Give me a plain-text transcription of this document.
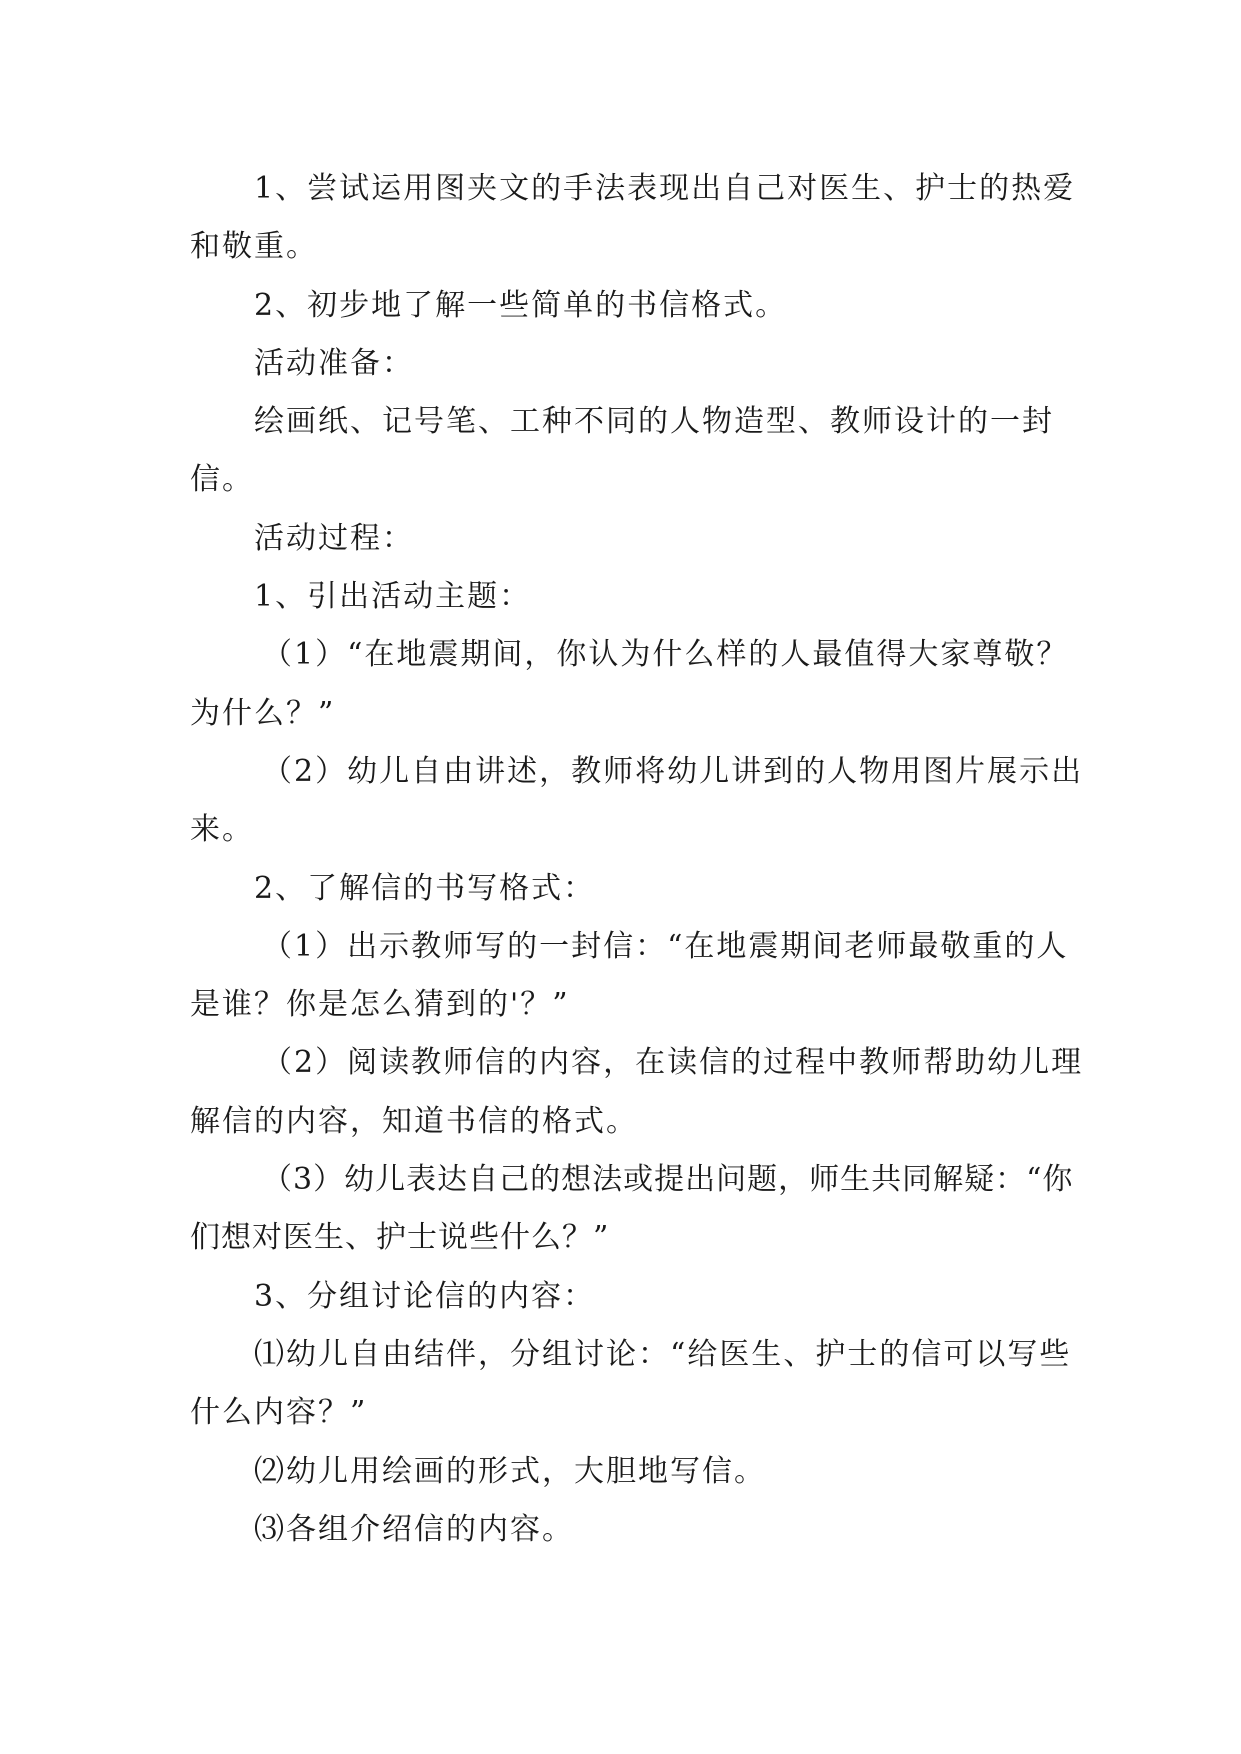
1、尝试运用图夹文的手法表现出自己对医生、护士的热爱和敬重。

2、初步地了解一些简单的书信格式。

活动准备：

绘画纸、记号笔、工种不同的人物造型、教师设计的一封信。

活动过程：

1、引出活动主题：

（1）“在地震期间，你认为什么样的人最值得大家尊敬？为什么？”

（2）幼儿自由讲述，教师将幼儿讲到的人物用图片展示出来。

2、了解信的书写格式：

（1）出示教师写的一封信：“在地震期间老师最敬重的人是谁？你是怎么猜到的'？”

（2）阅读教师信的内容，在读信的过程中教师帮助幼儿理解信的内容，知道书信的格式。

（3）幼儿表达自己的想法或提出问题，师生共同解疑：“你们想对医生、护士说些什么？”

3、分组讨论信的内容：

⑴幼儿自由结伴，分组讨论：“给医生、护士的信可以写些什么内容？”

⑵幼儿用绘画的形式，大胆地写信。

⑶各组介绍信的内容。
